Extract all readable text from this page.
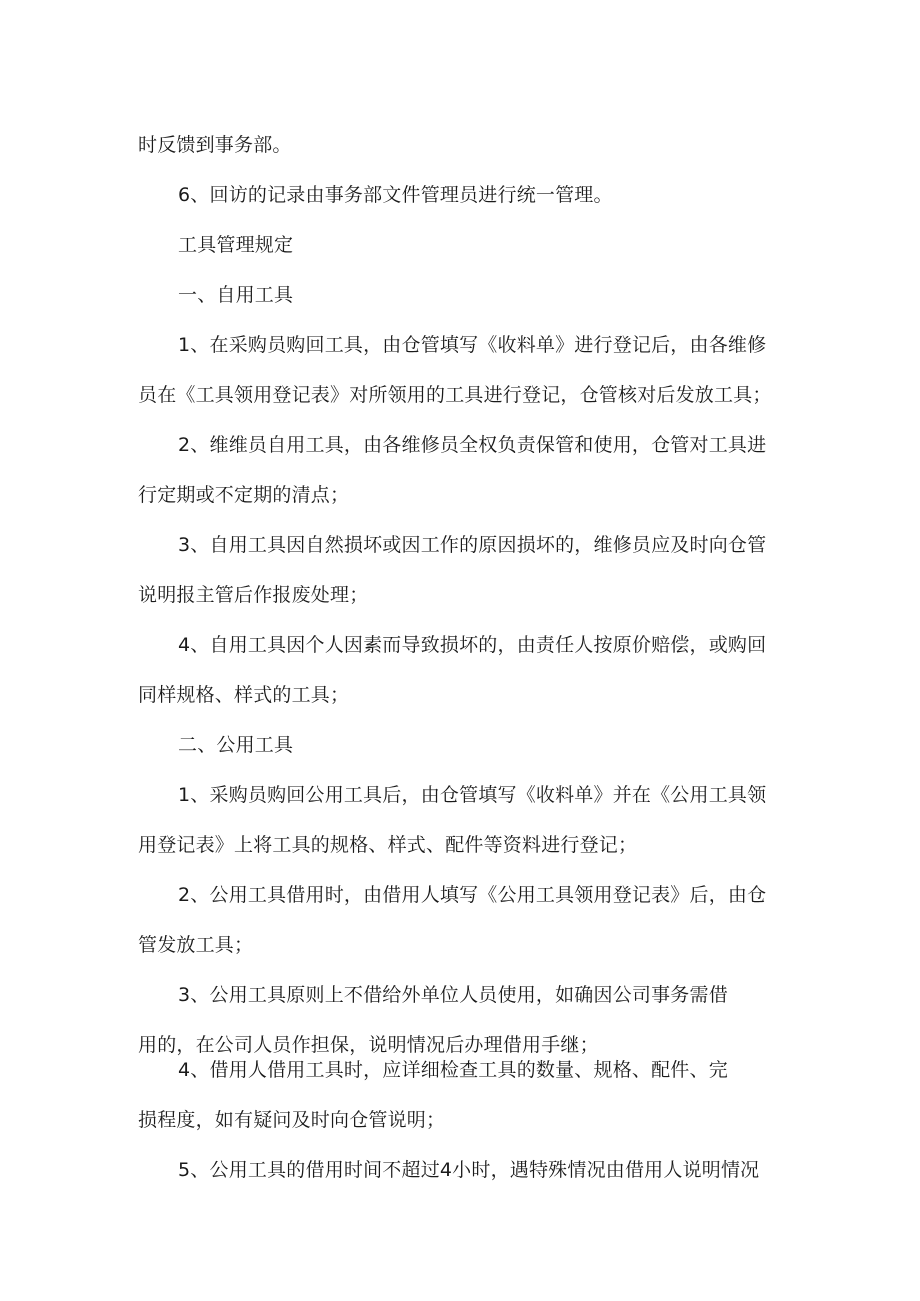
时反馈到事务部。
6、回访的记录由事务部文件管理员进行统一管理。
工具管理规定
一、自用工具
1、在采购员购回工具，由仓管填写《收料单》进行登记后，由各维修
员在《工具领用登记表》对所领用的工具进行登记，仓管核对后发放工具；
2、维维员自用工具，由各维修员全权负责保管和使用，仓管对工具进
行定期或不定期的清点；
3、自用工具因自然损坏或因工作的原因损坏的，维修员应及时向仓管
说明报主管后作报废处理；
4、自用工具因个人因素而导致损坏的，由责任人按原价赔偿，或购回
同样规格、样式的工具；
二、公用工具
1、采购员购回公用工具后，由仓管填写《收料单》并在《公用工具领
用登记表》上将工具的规格、样式、配件等资料进行登记；
2、公用工具借用时，由借用人填写《公用工具领用登记表》后，由仓
管发放工具；
3、公用工具原则上不借给外单位人员使用，如确因公司事务需借
用的，在公司人员作担保，说明情况后办理借用手继；
4、借用人借用工具时，应详细检查工具的数量、规格、配件、完
损程度，如有疑问及时向仓管说明；
5、公用工具的借用时间不超过4小时，遇特殊情况由借用人说明情况
